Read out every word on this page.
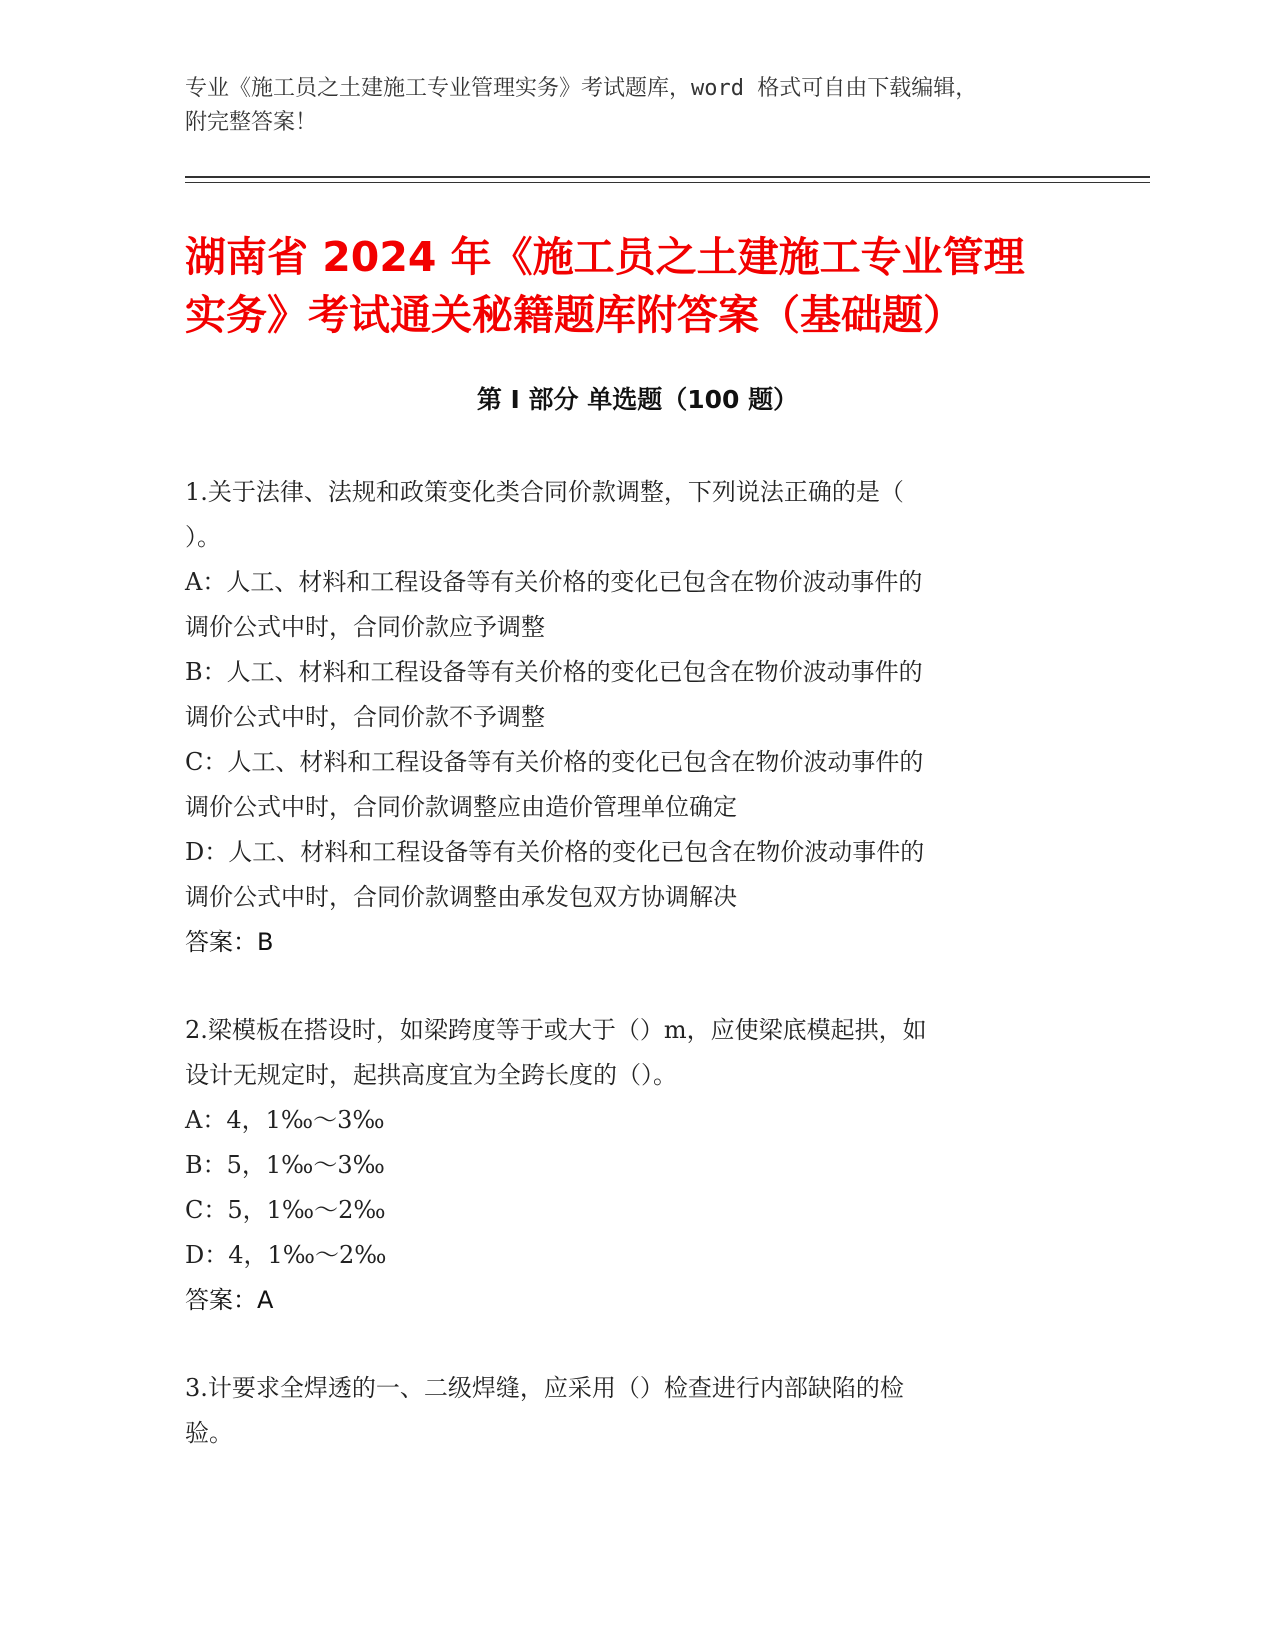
专业《施工员之土建施工专业管理实务》考试题库，word 格式可自由下载编辑，
附完整答案！
湖南省 2024 年《施工员之土建施工专业管理
实务》考试通关秘籍题库附答案（基础题）
第 I 部分 单选题（100 题）
1.关于法律、法规和政策变化类合同价款调整，下列说法正确的是（
）。
A：人工、材料和工程设备等有关价格的变化已包含在物价波动事件的
调价公式中时，合同价款应予调整
B：人工、材料和工程设备等有关价格的变化已包含在物价波动事件的
调价公式中时，合同价款不予调整
C：人工、材料和工程设备等有关价格的变化已包含在物价波动事件的
调价公式中时，合同价款调整应由造价管理单位确定
D：人工、材料和工程设备等有关价格的变化已包含在物价波动事件的
调价公式中时，合同价款调整由承发包双方协调解决
答案：B
2.梁模板在搭设时，如梁跨度等于或大于（）m，应使梁底模起拱，如
设计无规定时，起拱高度宜为全跨长度的（）。
A：4，1‰～3‰
B：5，1‰～3‰
C：5，1‰～2‰
D：4，1‰～2‰
答案：A
3.计要求全焊透的一、二级焊缝，应采用（）检查进行内部缺陷的检
验。
